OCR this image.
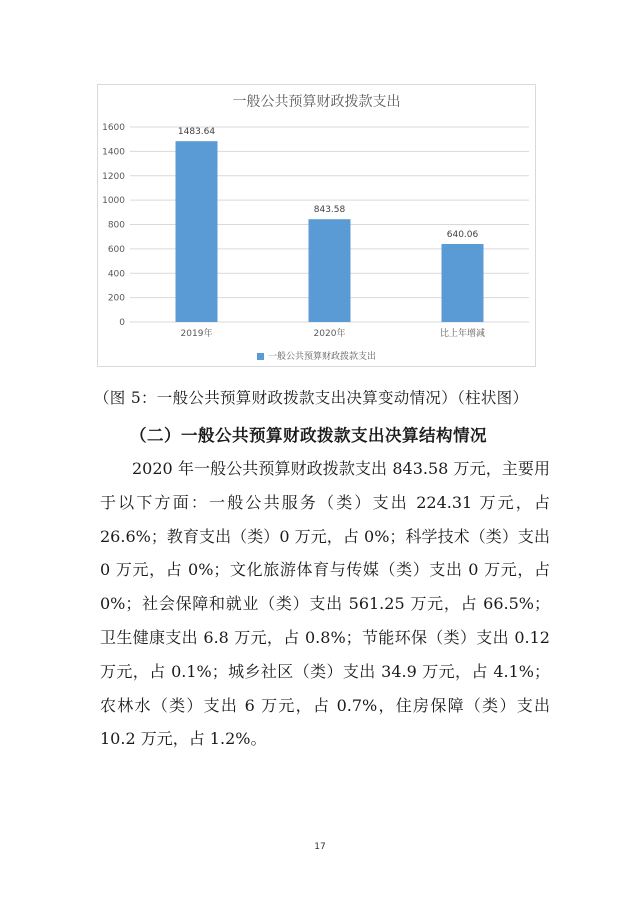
一般公共预算财政拨款支出
0
200
400
600
800
1000
1200
1400
1600	1483.64
2019年
843.58
2020年
640.06
比上年增减
一般公共预算财政拨款支出
（图 5：一般公共预算财政拨款支出决算变动情况）（柱状图）
（二）一般公共预算财政拨款支出决算结构情况

2020 年一般公共预算财政拨款支出 843.58 万元，主要用于以下方面：一般公共服务（类）支出 224.31 万元，占 26.6%；教育支出（类）0 万元，占 0%；科学技术（类）支出 0 万元，占 0%；文化旅游体育与传媒（类）支出 0 万元，占 0%；社会保障和就业（类）支出 561.25 万元，占 66.5%；卫生健康支出 6.8 万元，占 0.8%；节能环保（类）支出 0.12 万元，占 0.1%；城乡社区（类）支出 34.9 万元，占 4.1%；农林水（类）支出 6 万元，占 0.7%，住房保障（类）支出 10.2 万元，占 1.2%。

17
